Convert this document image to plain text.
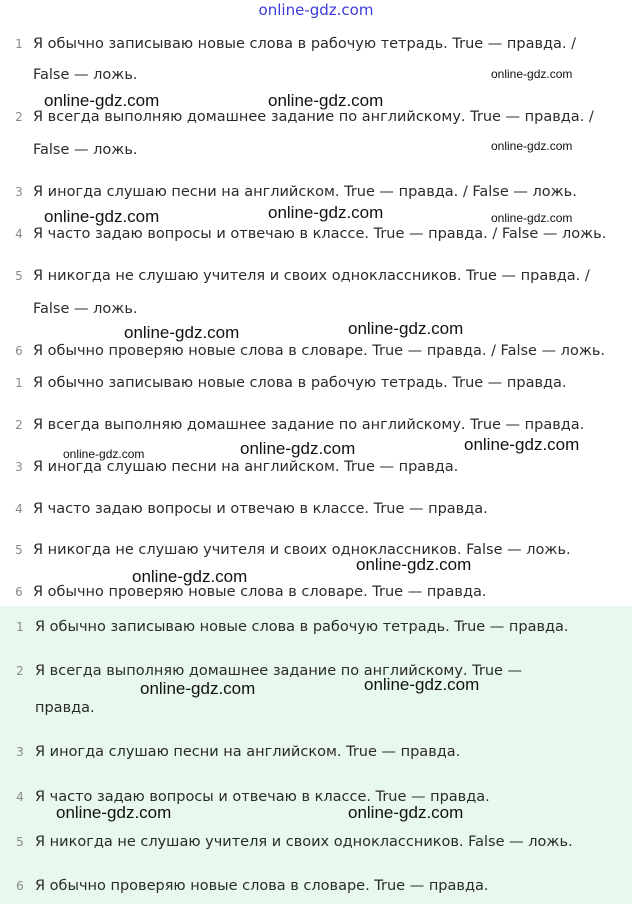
online-gdz.com
1 Я обычно записываю новые слова в рабочую тетрадь. True — правда. /
False — ложь.
2 Я всегда выполняю домашнее задание по английскому. True — правда. /
False — ложь.
3 Я иногда слушаю песни на английском. True — правда. / False — ложь.
4 Я часто задаю вопросы и отвечаю в классе. True — правда. / False — ложь.
5 Я никогда не слушаю учителя и своих одноклассников. True — правда. /
False — ложь.
6 Я обычно проверяю новые слова в словаре. True — правда. / False — ложь.
1 Я обычно записываю новые слова в рабочую тетрадь. True — правда.
2 Я всегда выполняю домашнее задание по английскому. True — правда.
3 Я иногда слушаю песни на английском. True — правда.
4 Я часто задаю вопросы и отвечаю в классе. True — правда.
5 Я никогда не слушаю учителя и своих одноклассников. False — ложь.
6 Я обычно проверяю новые слова в словаре. True — правда.
1 Я обычно записываю новые слова в рабочую тетрадь. True — правда.
2 Я всегда выполняю домашнее задание по английскому. True —
правда.
3 Я иногда слушаю песни на английском. True — правда.
4 Я часто задаю вопросы и отвечаю в классе. True — правда.
5 Я никогда не слушаю учителя и своих одноклассников. False — ложь.
6 Я обычно проверяю новые слова в словаре. True — правда.
online-gdz.com
online-gdz.com	online-gdz.com
online-gdz.com
online-gdz.com	online-gdz.com	online-gdz.com
online-gdz.com	online-gdz.com
online-gdz.com	online-gdz.com	online-gdz.com
online-gdz.com
online-gdz.com
online-gdz.com	online-gdz.com
online-gdz.com	online-gdz.com
